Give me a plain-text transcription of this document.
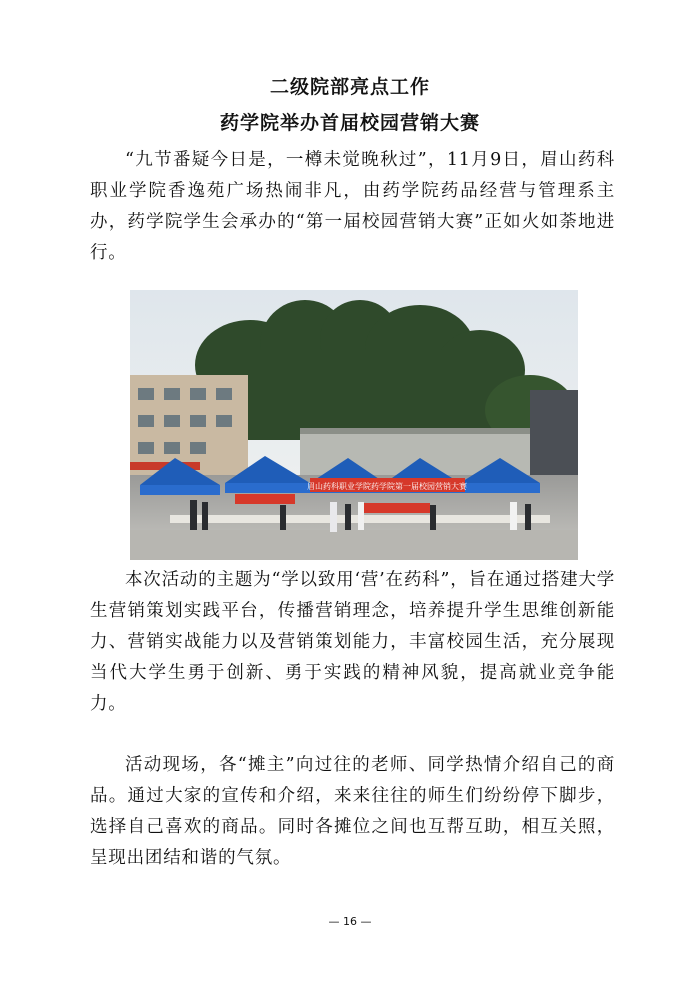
二级院部亮点工作
药学院举办首届校园营销大赛

“九节番疑今日是，一樽未觉晚秋过”，11月9日，眉山药科职业学院香逸苑广场热闹非凡，由药学院药品经营与管理系主办，药学院学生会承办的“第一届校园营销大赛”正如火如荼地进行。

眉山药科职业学院药学院第一届校园营销大赛

本次活动的主题为“学以致用‘营’在药科”，旨在通过搭建大学生营销策划实践平台，传播营销理念，培养提升学生思维创新能力、营销实战能力以及营销策划能力，丰富校园生活，充分展现当代大学生勇于创新、勇于实践的精神风貌，提高就业竞争能力。

活动现场，各“摊主”向过往的老师、同学热情介绍自己的商品。通过大家的宣传和介绍，来来往往的师生们纷纷停下脚步，选择自己喜欢的商品。同时各摊位之间也互帮互助，相互关照，呈现出团结和谐的气氛。

— 16 —
